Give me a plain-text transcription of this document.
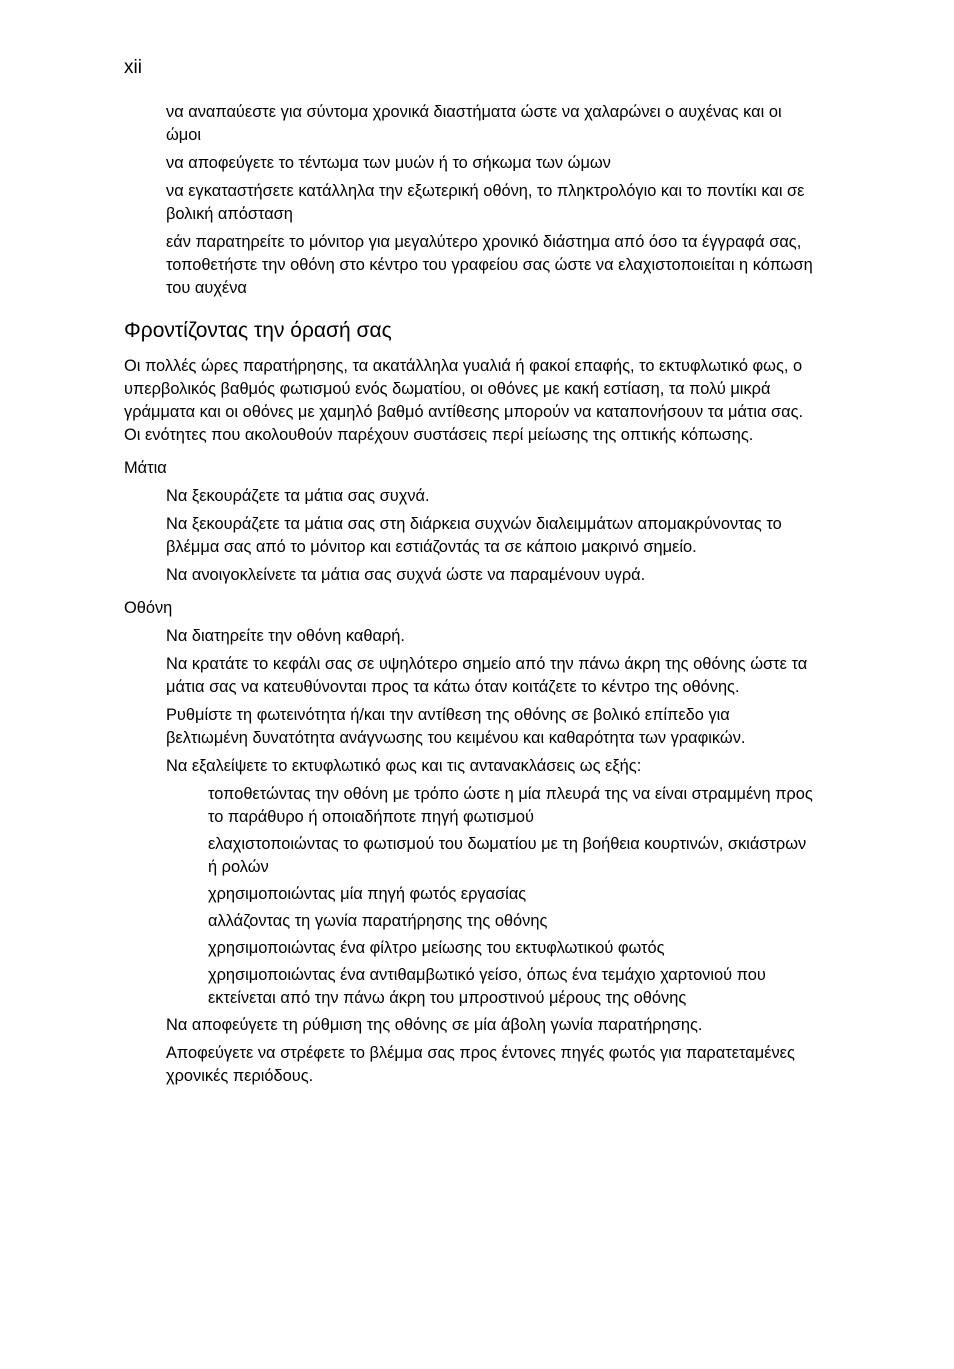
xii
να αναπαύεστε για σύντομα χρονικά διαστήματα ώστε να χαλαρώνει ο αυχένας και οι ώμοι
να αποφεύγετε το τέντωμα των μυών ή το σήκωμα των ώμων
να εγκαταστήσετε κατάλληλα την εξωτερική οθόνη, το πληκτρολόγιο και το ποντίκι και σε βολική απόσταση
εάν παρατηρείτε το μόνιτορ για μεγαλύτερο χρονικό διάστημα από όσο τα έγγραφά σας, τοποθετήστε την οθόνη στο κέντρο του γραφείου σας ώστε να ελαχιστοποιείται η κόπωση του αυχένα
Φροντίζοντας την όρασή σας
Οι πολλές ώρες παρατήρησης, τα ακατάλληλα γυαλιά ή φακοί επαφής, το εκτυφλωτικό φως, ο υπερβολικός βαθμός φωτισμού ενός δωματίου, οι οθόνες με κακή εστίαση, τα πολύ μικρά γράμματα και οι οθόνες με χαμηλό βαθμό αντίθεσης μπορούν να καταπονήσουν τα μάτια σας. Οι ενότητες που ακολουθούν παρέχουν συστάσεις περί μείωσης της οπτικής κόπωσης.
Μάτια
Να ξεκουράζετε τα μάτια σας συχνά.
Να ξεκουράζετε τα μάτια σας στη διάρκεια συχνών διαλειμμάτων απομακρύνοντας το βλέμμα σας από το μόνιτορ και εστιάζοντάς τα σε κάποιο μακρινό σημείο.
Να ανοιγοκλείνετε τα μάτια σας συχνά ώστε να παραμένουν υγρά.
Οθόνη
Να διατηρείτε την οθόνη καθαρή.
Να κρατάτε το κεφάλι σας σε υψηλότερο σημείο από την πάνω άκρη της οθόνης ώστε τα μάτια σας να κατευθύνονται προς τα κάτω όταν κοιτάζετε το κέντρο της οθόνης.
Ρυθμίστε τη φωτεινότητα ή/και την αντίθεση της οθόνης σε βολικό επίπεδο για βελτιωμένη δυνατότητα ανάγνωσης του κειμένου και καθαρότητα των γραφικών.
Να εξαλείψετε το εκτυφλωτικό φως και τις αντανακλάσεις ως εξής:
τοποθετώντας την οθόνη με τρόπο ώστε η μία πλευρά της να είναι στραμμένη προς το παράθυρο ή οποιαδήποτε πηγή φωτισμού
ελαχιστοποιώντας το φωτισμού του δωματίου με τη βοήθεια κουρτινών, σκιάστρων ή ρολών
χρησιμοποιώντας μία πηγή φωτός εργασίας
αλλάζοντας τη γωνία παρατήρησης της οθόνης
χρησιμοποιώντας ένα φίλτρο μείωσης του εκτυφλωτικού φωτός
χρησιμοποιώντας ένα αντιθαμβωτικό γείσο, όπως ένα τεμάχιο χαρτονιού που εκτείνεται από την πάνω άκρη του μπροστινού μέρους της οθόνης
Να αποφεύγετε τη ρύθμιση της οθόνης σε μία άβολη γωνία παρατήρησης.
Αποφεύγετε να στρέφετε το βλέμμα σας προς έντονες πηγές φωτός για παρατεταμένες χρονικές περιόδους.
